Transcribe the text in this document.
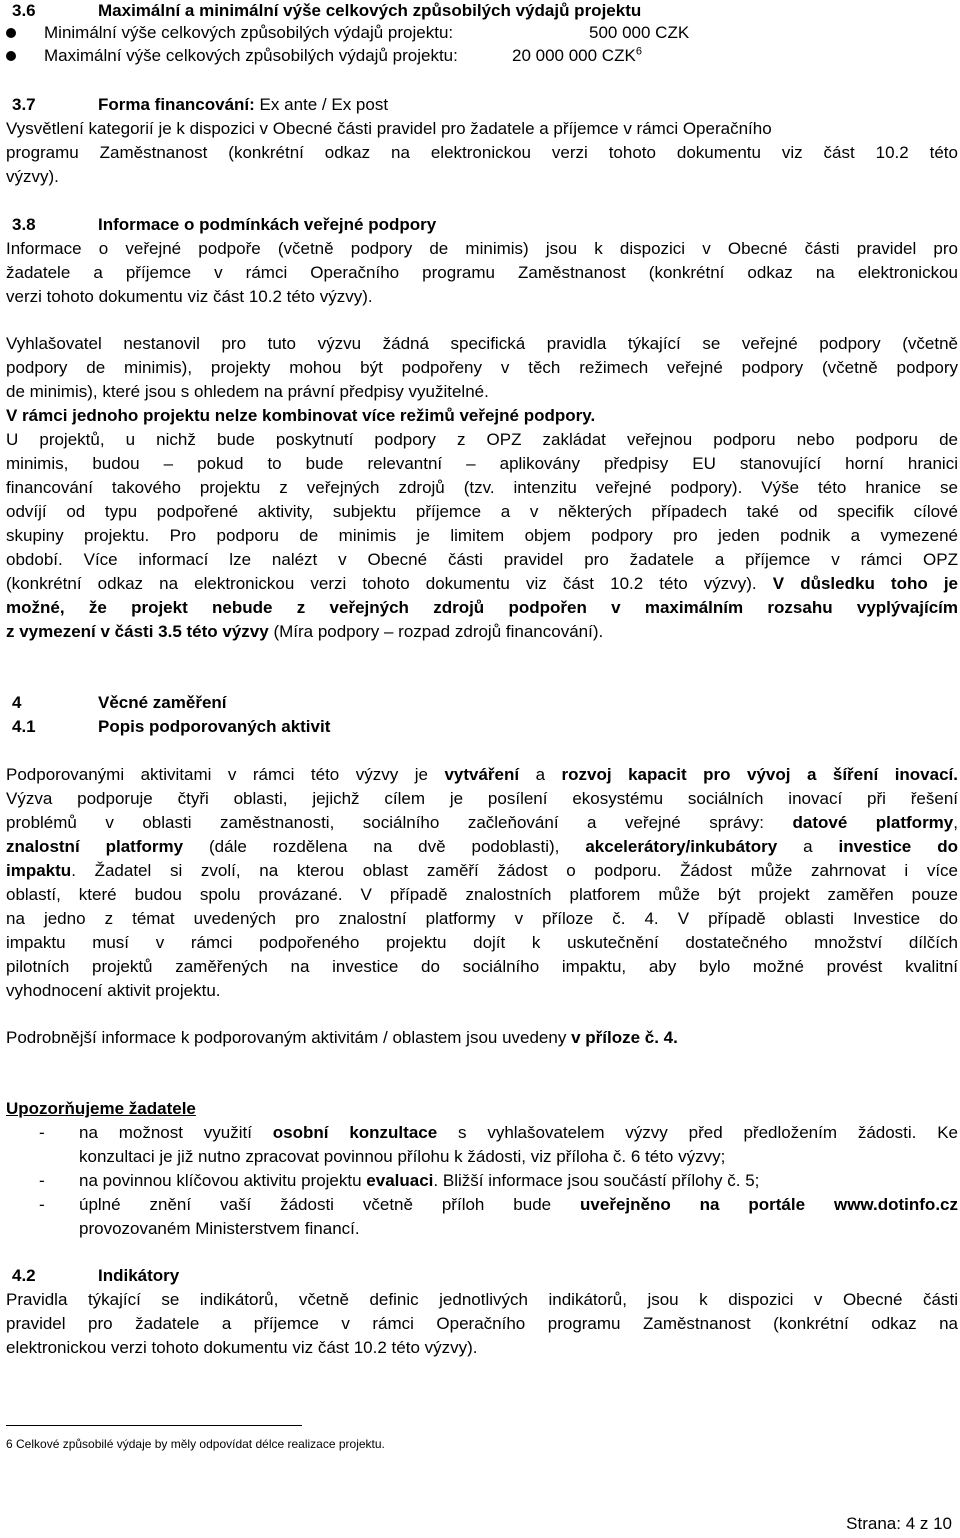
3.6	Maximální a minimální výše celkových způsobilých výdajů projektu
Minimální výše celkových způsobilých výdajů projektu:	500 000 CZK
Maximální výše celkových způsobilých výdajů projektu:	20 000 000 CZK$^6$
3.7	Forma financování: Ex ante / Ex post
Vysvětlení kategorií je k dispozici v Obecné části pravidel pro žadatele a příjemce v rámci Operačního
programu Zaměstnanost (konkrétní odkaz na elektronickou verzi tohoto dokumentu viz část 10.2 této
výzvy).
3.8	Informace o podmínkách veřejné podpory
Informace o veřejné podpoře (včetně podpory de minimis) jsou k dispozici v Obecné části pravidel pro
žadatele a příjemce v rámci Operačního programu Zaměstnanost (konkrétní odkaz na elektronickou
verzi tohoto dokumentu viz část 10.2 této výzvy).
Vyhlašovatel nestanovil pro tuto výzvu žádná specifická pravidla týkající se veřejné podpory (včetně
podpory de minimis), projekty mohou být podpořeny v těch režimech veřejné podpory (včetně podpory
de minimis), které jsou s ohledem na právní předpisy využitelné.
V rámci jednoho projektu nelze kombinovat více režimů veřejné podpory.
U projektů, u nichž bude poskytnutí podpory z OPZ zakládat veřejnou podporu nebo podporu de
minimis, budou – pokud to bude relevantní – aplikovány předpisy EU stanovující horní hranici
financování takového projektu z veřejných zdrojů (tzv. intenzitu veřejné podpory). Výše této hranice se
odvíjí od typu podpořené aktivity, subjektu příjemce a v některých případech také od specifik cílové
skupiny projektu. Pro podporu de minimis je limitem objem podpory pro jeden podnik a vymezené
období. Více informací lze nalézt v Obecné části pravidel pro žadatele a příjemce v rámci OPZ
(konkrétní odkaz na elektronickou verzi tohoto dokumentu viz část 10.2 této výzvy). V důsledku toho je
možné, že projekt nebude z veřejných zdrojů podpořen v maximálním rozsahu vyplývajícím
z vymezení v části 3.5 této výzvy (Míra podpory – rozpad zdrojů financování).
4	Věcné zaměření
4.1	Popis podporovaných aktivit
Podporovanými aktivitami v rámci této výzvy je vytváření a rozvoj kapacit pro vývoj a šíření inovací.
Výzva podporuje čtyři oblasti, jejichž cílem je posílení ekosystému sociálních inovací při řešení
problémů v oblasti zaměstnanosti, sociálního začleňování a veřejné správy: datové platformy,
znalostní platformy (dále rozdělena na dvě podoblasti), akcelerátory/inkubátory a investice do
impaktu. Žadatel si zvolí, na kterou oblast zaměří žádost o podporu. Žádost může zahrnovat i více
oblastí, které budou spolu provázané. V případě znalostních platforem může být projekt zaměřen pouze
na jedno z témat uvedených pro znalostní platformy v příloze č. 4. V případě oblasti Investice do
impaktu musí v rámci podpořeného projektu dojít k uskutečnění dostatečného množství dílčích
pilotních projektů zaměřených na investice do sociálního impaktu, aby bylo možné provést kvalitní
vyhodnocení aktivit projektu.
Podrobnější informace k podporovaným aktivitám / oblastem jsou uvedeny v příloze č. 4.
Upozorňujeme žadatele
- na možnost využití osobní konzultace s vyhlašovatelem výzvy před předložením žádosti. Ke
konzultaci je již nutno zpracovat povinnou přílohu k žádosti, viz příloha č. 6 této výzvy;
- na povinnou klíčovou aktivitu projektu evaluaci. Bližší informace jsou součástí přílohy č. 5;
- úplné znění vaší žádosti včetně příloh bude uveřejněno na portále www.dotinfo.cz
provozovaném Ministerstvem financí.
4.2	Indikátory
Pravidla týkající se indikátorů, včetně definic jednotlivých indikátorů, jsou k dispozici v Obecné části
pravidel pro žadatele a příjemce v rámci Operačního programu Zaměstnanost (konkrétní odkaz na
elektronickou verzi tohoto dokumentu viz část 10.2 této výzvy).
6 Celkové způsobilé výdaje by měly odpovídat délce realizace projektu.
Strana: 4 z 10
